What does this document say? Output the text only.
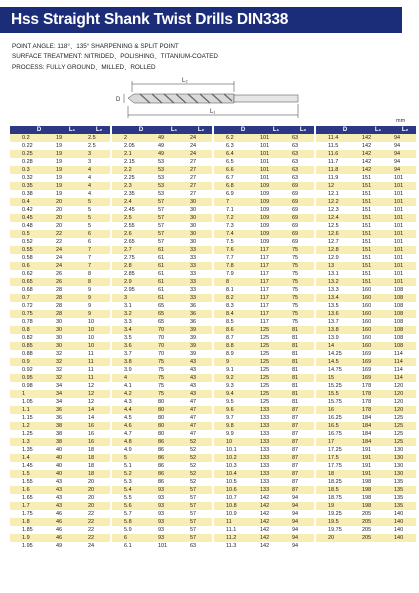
Hss Straight Shank Twist Drills DIN338
POINT ANGLE: 118°、135° SHARPENING & SPLIT POINT
SURFACE TREATMENT: NITRIDED、POLISHING、TITANIUM-COATED
PROCESS: FULLY GROUND、MILLED、ROLLED
L₂
D
L₁
mm
D	L₁	L₂
0.2	19	2.5
0.22	19	2.5
0.25	19	3
0.28	19	3
0.3	19	4
0.32	19	4
0.35	19	4
0.38	19	4
0.4	20	5
0.42	20	5
0.45	20	5
0.48	20	5
0.5	22	6
0.52	22	6
0.55	24	7
0.58	24	7
0.6	24	7
0.62	26	8
0.65	26	8
0.68	28	9
0.7	28	9
0.72	28	9
0.75	28	9
0.78	30	10
0.8	30	10
0.82	30	10
0.85	30	10
0.88	32	11
0.9	32	11
0.92	32	11
0.95	32	11
0.98	34	12
1	34	12
1.05	34	12
1.1	36	14
1.15	36	14
1.2	38	16
1.25	38	16
1.3	38	16
1.35	40	18
1.4	40	18
1.45	40	18
1.5	40	18
1.55	43	20
1.6	43	20
1.65	43	20
1.7	43	20
1.75	46	22
1.8	46	22
1.85	46	22
1.9	46	22
1.95	49	24
D	L₁	L₂
2	49	24
2.05	49	24
2.1	49	24
2.15	53	27
2.2	53	27
2.25	53	27
2.3	53	27
2.35	53	27
2.4	57	30
2.45	57	30
2.5	57	30
2.55	57	30
2.6	57	30
2.65	57	30
2.7	61	33
2.75	61	33
2.8	61	33
2.85	61	33
2.9	61	33
2.95	61	33
3	61	33
3.1	65	36
3.2	65	36
3.3	65	36
3.4	70	39
3.5	70	39
3.6	70	39
3.7	70	39
3.8	75	43
3.9	75	43
4	75	43
4.1	75	43
4.2	75	43
4.3	80	47
4.4	80	47
4.5	80	47
4.6	80	47
4.7	80	47
4.8	86	52
4.9	86	52
5	86	52
5.1	86	52
5.2	86	52
5.3	86	52
5.4	93	57
5.5	93	57
5.6	93	57
5.7	93	57
5.8	93	57
5.9	93	57
6	93	57
6.1	101	63
D	L₁	L₂
6.2	101	63
6.3	101	63
6.4	101	63
6.5	101	63
6.6	101	63
6.7	101	63
6.8	109	69
6.9	109	69
7	109	69
7.1	109	69
7.2	109	69
7.3	109	69
7.4	109	69
7.5	109	69
7.6	117	75
7.7	117	75
7.8	117	75
7.9	117	75
8	117	75
8.1	117	75
8.2	117	75
8.3	117	75
8.4	117	75
8.5	117	75
8.6	125	81
8.7	125	81
8.8	125	81
8.9	125	81
9	125	81
9.1	125	81
9.2	125	81
9.3	125	81
9.4	125	81
9.5	125	81
9.6	133	87
9.7	133	87
9.8	133	87
9.9	133	87
10	133	87
10.1	133	87
10.2	133	87
10.3	133	87
10.4	133	87
10.5	133	87
10.6	133	87
10.7	142	94
10.8	142	94
10.9	142	94
11	142	94
11.1	142	94
11.2	142	94
11.3	142	94
D	L₁	L₂
11.4	142	94
11.5	142	94
11.6	142	94
11.7	142	94
11.8	142	94
11.9	151	101
12	151	101
12.1	151	101
12.2	151	101
12.3	151	101
12.4	151	101
12.5	151	101
12.6	151	101
12.7	151	101
12.8	151	101
12.9	151	101
13	151	101
13.1	151	101
13.2	151	101
13.3	160	108
13.4	160	108
13.5	160	108
13.6	160	108
13.7	160	108
13.8	160	108
13.9	160	108
14	160	108
14.25	169	114
14.5	169	114
14.75	169	114
15	169	114
15.25	178	120
15.5	178	120
15.75	178	120
16	178	120
16.25	184	125
16.5	184	125
16.75	184	125
17	184	125
17.25	191	130
17.5	191	130
17.75	191	130
18	191	130
18.25	198	135
18.5	198	135
18.75	198	135
19	198	135
19.25	205	140
19.5	205	140
19.75	205	140
20	205	140
